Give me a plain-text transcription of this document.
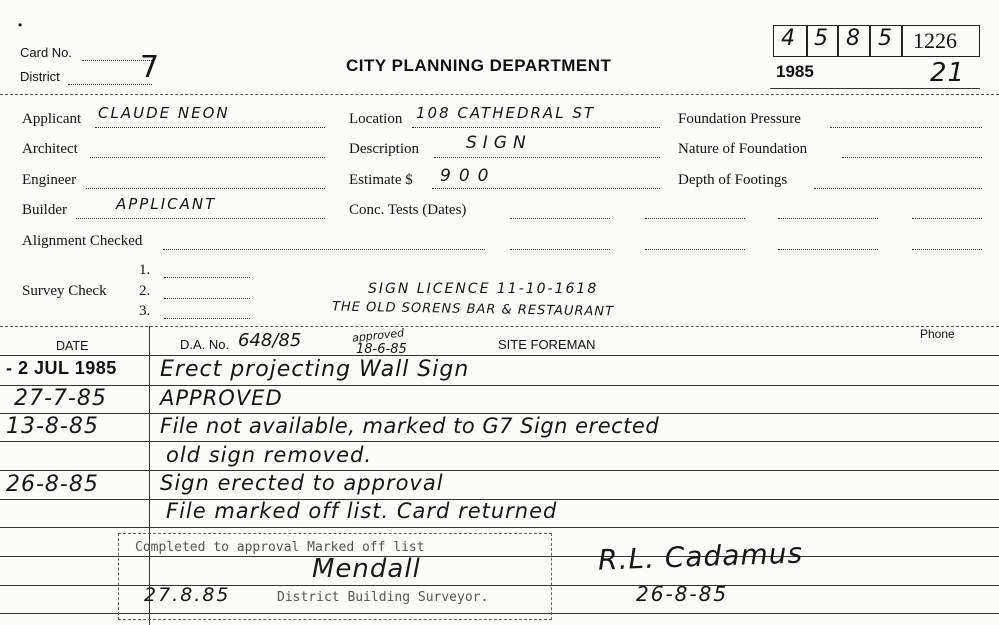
•
Card No.
District	7	CITY PLANNING DEPARTMENT
4 5 8 5 1226
1985	21
Applicant CLAUDE NEON
Architect
Engineer
Builder	APPLICANT
Alignment Checked
Location 108 CATHEDRAL ST
Description	SIGN
Estimate $ 900
Conc. Tests (Dates)
Foundation Pressure
Nature of Foundation
Depth of Footings
1.
Survey Check 2.
3.
SIGN LICENCE 11-10-1618
THE OLD SORENS BAR & RESTAURANT
DATE	D.A. No. 648/85	approved
18-6-85	SITE FOREMAN
Phone
- 2 JUL 1985 Erect projecting Wall Sign
27-7-85	APPROVED
13-8-85	File not available, marked to G7 Sign erected
old sign removed.
26-8-85	Sign erected to approval
File marked off list. Card returned
Completed to approval Marked off list
District Building Surveyor.
Mendall
27.8.85
R.L. Cadamus
26-8-85
